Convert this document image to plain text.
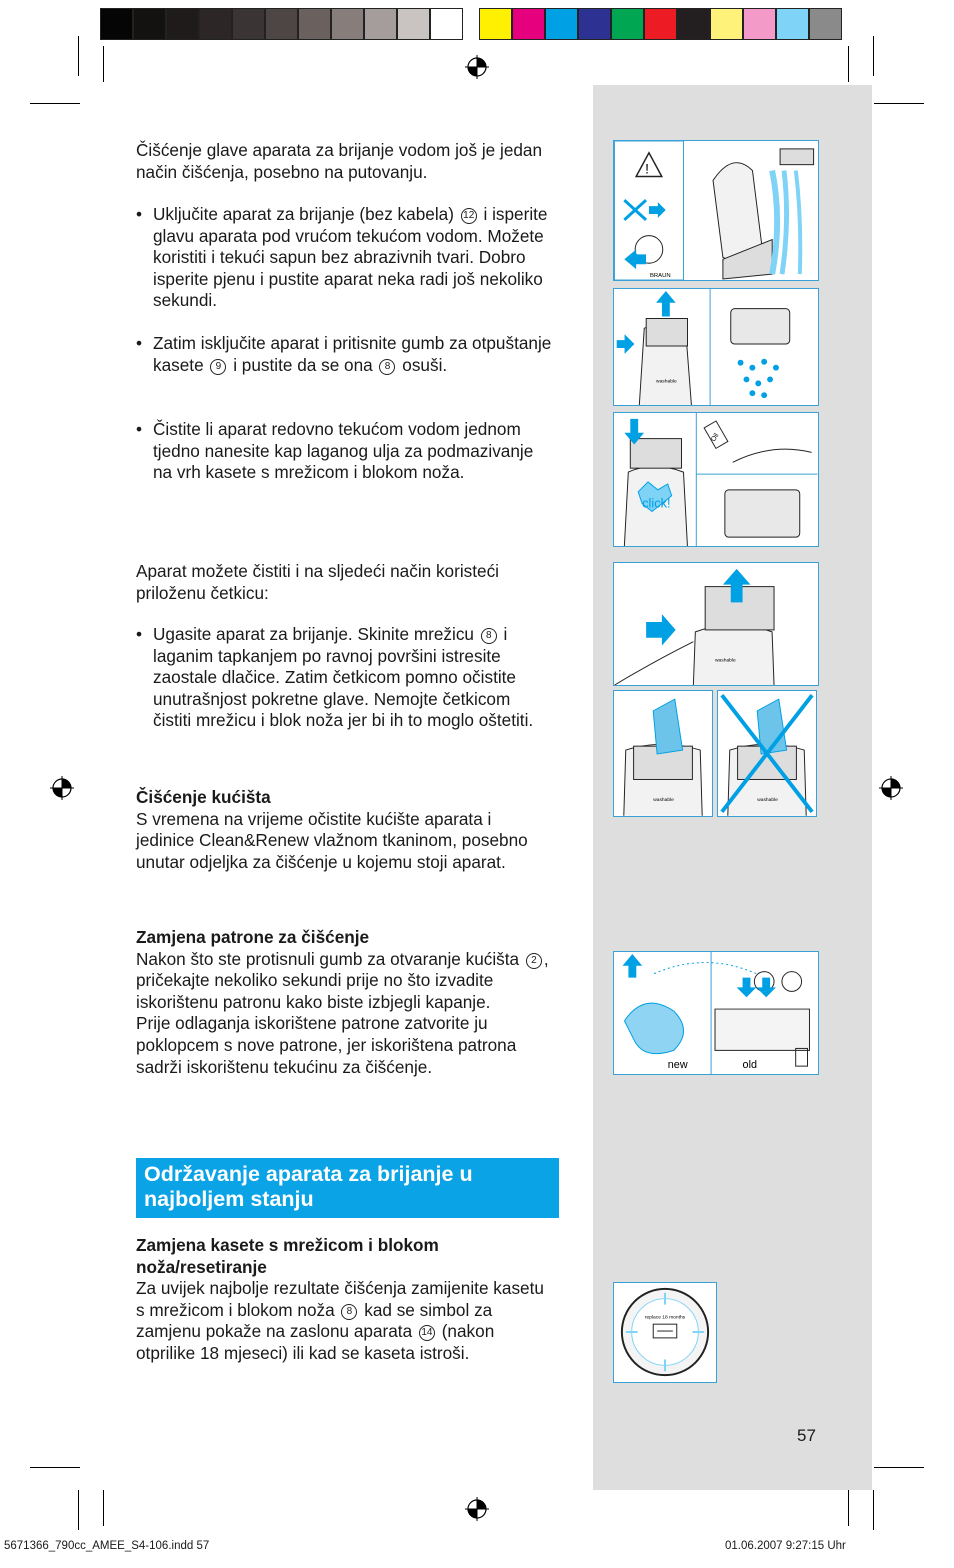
!
BRAUN
washable
click!
Oil
washable
washable	washable
new	old
replace 18 months
Čišćenje glave aparata za brijanje vodom još je jedan način čišćenja, posebno na putovanju.
• Uključite aparat za brijanje (bez kabela) 12 i isperite glavu aparata pod vrućom tekućom vodom. Možete koristiti i tekući sapun bez abrazivnih tvari. Dobro isperite pjenu i pustite aparat neka radi još nekoliko sekundi.
• Zatim isključite aparat i pritisnite gumb za otpuštanje kasete 9 i pustite da se ona 8 osuši.
• Čistite li aparat redovno tekućom vodom jednom tjedno nanesite kap laganog ulja za podmazivanje na vrh kasete s mrežicom i blokom noža.
Aparat možete čistiti i na sljedeći način koristeći priloženu četkicu:
• Ugasite aparat za brijanje. Skinite mrežicu 8 i laganim tapkanjem po ravnoj površini istresite zaostale dlačice. Zatim četkicom pomno očistite unutrašnjost pokretne glave. Nemojte četkicom čistiti mrežicu i blok noža jer bi ih to moglo oštetiti.
Čišćenje kućišta
S vremena na vrijeme očistite kućište aparata i jedinice Clean&Renew vlažnom tkaninom, posebno unutar odjeljka za čišćenje u kojemu stoji aparat.
Zamjena patrone za čišćenje
Nakon što ste protisnuli gumb za otvaranje kućišta 2 , pričekajte nekoliko sekundi prije no što izvadite iskorištenu patronu kako biste izbjegli kapanje.
Prije odlaganja iskorištene patrone zatvorite ju poklopcem s nove patrone, jer iskorištena patrona sadrži iskorištenu tekućinu za čišćenje.
Održavanje aparata za brijanje u najboljem stanju
Zamjena kasete s mrežicom i blokom noža/resetiranje
Za uvijek najbolje rezultate čišćenja zamijenite kasetu s mrežicom i blokom noža 8 kad se simbol za zamjenu pokaže na zaslonu aparata 14 (nakon otprilike 18 mjeseci) ili kad se kaseta istroši.
57
5671366_790cc_AMEE_S4-106.indd 57	01.06.2007 9:27:15 Uhr
